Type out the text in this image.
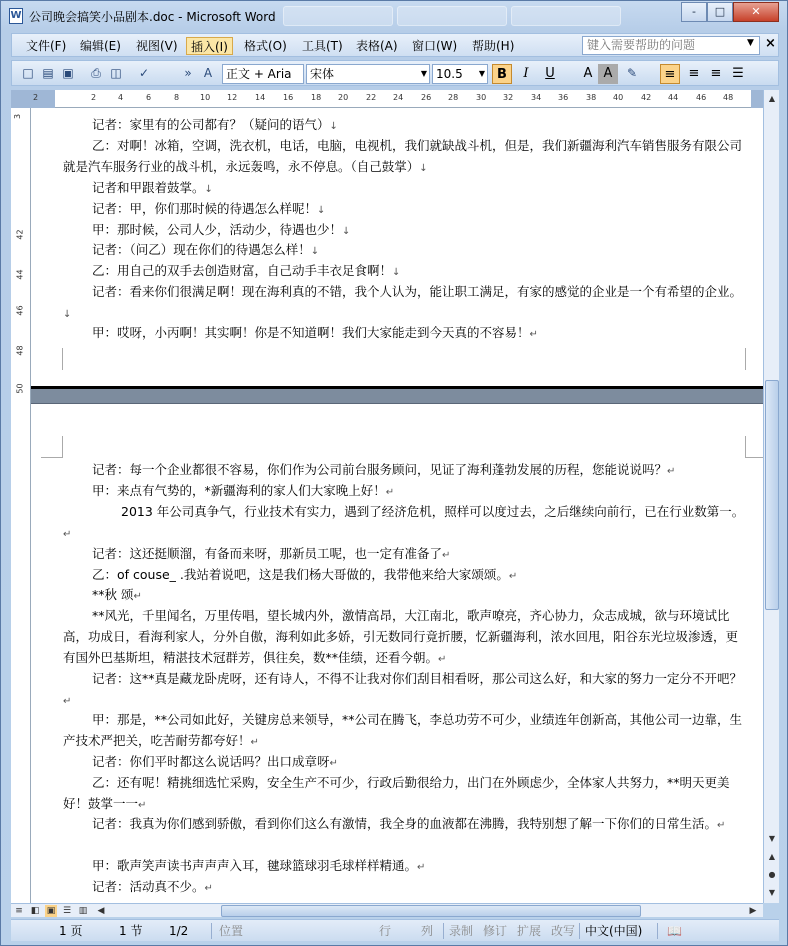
W 公司晚会搞笑小品剧本.doc - Microsoft Word	-	□	✕
文件(F)	编辑(E)	视图(V)	插入(I)	格式(O)	工具(T)	表格(A)	窗口(W)	帮助(H)	键入需要帮助的问题	▼ ×
□ ▤ ▣ ⎙ ◫ ✓	»	A	正文 + Aria	宋体	▼ 10.5 ▼ B	I	U	A A	✎	≡	≡ ≡ ☰
2	2	4	6	8	10 12 14 16 18 20 22 24 26 28 30 32 34 36 38 40 42 44 46 48
3
42
44
46
48
50
记者：家里有的公司都有？（疑问的语气）↓
乙：对啊！冰箱，空调，洗衣机，电话，电脑，电视机，我们就缺战斗机，但是，我们新疆海利汽车销售服务有限公司就是汽车服务行业的战斗机，永远轰鸣，永不停息。（自己鼓掌）↓
记者和甲跟着鼓掌。↓
记者：甲，你们那时候的待遇怎么样呢！↓
甲：那时候，公司人少，活动少，待遇也少！↓
记者：（问乙）现在你们的待遇怎么样！↓
乙：用自己的双手去创造财富，自己动手丰衣足食啊！↓
记者：看来你们很满足啊！现在海利真的不错，我个人认为，能让职工满足，有家的感觉的企业是一个有希望的企业。↓
甲：哎呀，小丙啊！其实啊！你是不知道啊！我们大家能走到今天真的不容易！↵
记者：每一个企业都很不容易，你们作为公司前台服务顾问，见证了海利蓬勃发展的历程，您能说说吗？↵
甲：来点有气势的，*新疆海利的家人们大家晚上好！↵
2013 年公司真争气，行业技术有实力，遇到了经济危机，照样可以度过去，之后继续向前行，已在行业数第一。↵
记者：这还挺顺溜，有备而来呀，那新员工呢，也一定有准备了↵
乙：of couse_ .我站着说吧，这是我们杨大哥做的，我带他来给大家颂颂。↵
**秋 颂↵
**风光，千里闻名，万里传唱，望长城内外，激情高昂，大江南北，歌声嘹亮，齐心协力，众志成城，欲与环境试比高，功成日，看海利家人，分外自傲，海利如此多娇，引无数同行竟折腰，忆新疆海利，浓水回甩，阳谷东光垃圾渗透，更有国外巴基斯坦，精湛技术冠群芳，俱往矣，数**佳绩，还看今朝。↵
记者：这**真是藏龙卧虎呀，还有诗人，不得不让我对你们刮目相看呀，那公司这么好，和大家的努力一定分不开吧？↵
甲：那是，**公司如此好，关键房总来领导，**公司在腾飞，李总功劳不可少，业绩连年创新高，其他公司一边靠，生产技术严把关，吃苦耐劳都夸好！↵
记者：你们平时都这么说话吗？出口成章呀↵
乙：还有呢！精挑细选忙采购，安全生产不可少，行政后勤很给力，出门在外顾虑少，全体家人共努力，**明天更美好！鼓掌一一↵
记者：我真为你们感到骄傲，看到你们这么有激情，我全身的血液都在沸腾，我特别想了解一下你们的日常生活。↵
甲：歌声笑声读书声声声入耳，毽球篮球羽毛球样样精通。↵
记者：活动真不少。↵
▲
▼
▲
●
▼
≡ ◧ ▣ ☰ ▥ ◀	▶
1 页	1 节 1/2	位置	行 列 录制 修订 扩展 改写 中文(中国) 📖
